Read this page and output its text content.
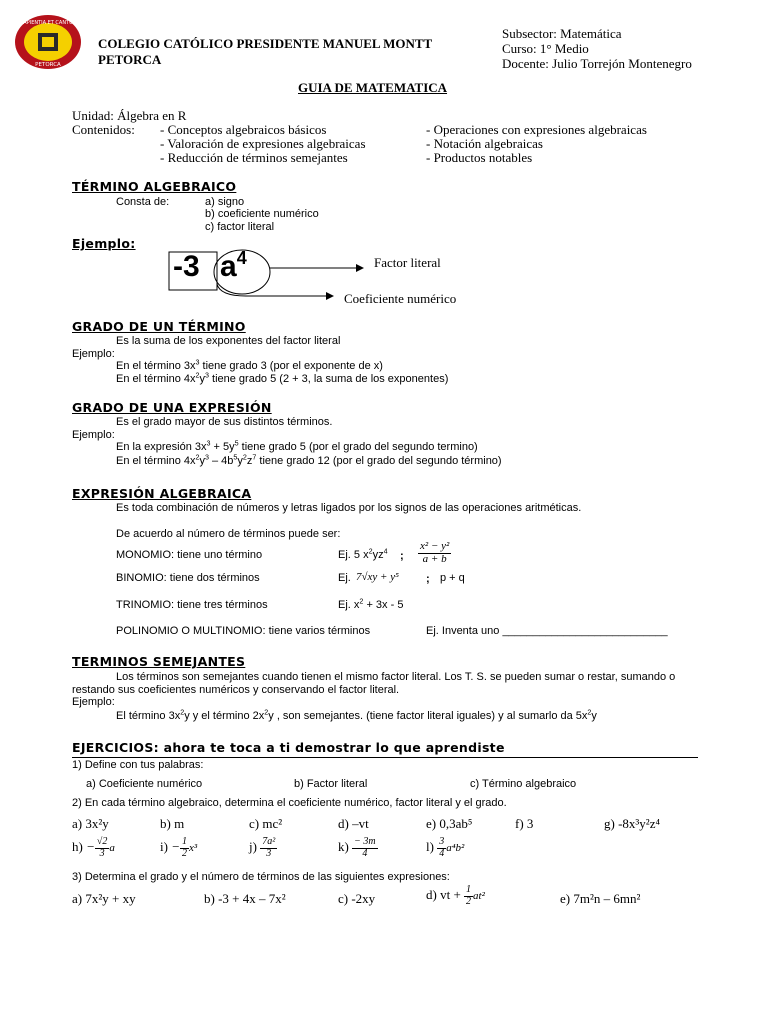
SAPIENTIA ET CANTUS
PETORCA
COLEGIO CATÓLICO PRESIDENTE MANUEL MONTT
PETORCA
Subsector: Matemática
Curso: 1° Medio
Docente: Julio Torrejón Montenegro
GUIA DE MATEMATICA
Unidad: Álgebra en R
Contenidos: - Conceptos algebraicos básicos
- Valoración de expresiones algebraicas
- Reducción de términos semejantes
- Operaciones con expresiones algebraicas
- Notación algebraicas
- Productos notables
TÉRMINO ALGEBRAICO
Consta de:	a) signo
b) coeficiente numérico
c) factor literal
Ejemplo:
-3 $a^4$	Factor literal
Coeficiente numérico
GRADO DE UN TÉRMINO
Es la suma de los exponentes del factor literal
Ejemplo:
En el término $3x^3$ tiene grado 3 (por el exponente de x)
En el término $4x^2y^3$ tiene grado 5 (2 + 3, la suma de los exponentes)
GRADO DE UNA EXPRESIÓN
Es el grado mayor de sus distintos términos.
Ejemplo:
En la expresión $3x^3 + 5y^5$ tiene grado 5 (por el grado del segundo termino)
En el término $4x^2y^3 - 4b^5y^2z^7$ tiene grado 12 (por el grado del segundo término)
EXPRESIÓN ALGEBRAICA
Es toda combinación de números y letras ligados por los signos de las operaciones aritméticas.
De acuerdo al número de términos puede ser:
MONOMIO: tiene uno término	Ej. 5 $x^2yz^4$ ; $\frac{\text{x² − y²}}{a + b}$
BINOMIO: tiene dos términos	Ej. 7√xy + y⁵ ; p + q
TRINOMIO: tiene tres términos	Ej. $x^2 + 3x - 5$
POLINOMIO O MULTINOMIO: tiene varios términos	Ej. Inventa uno ___________________________
TERMINOS SEMEJANTES
Los términos son semejantes cuando tienen el mismo factor literal. Los T. S. se pueden sumar o restar, sumando o
restando sus coeficientes numéricos y conservando el factor literal.
Ejemplo:
El término $3x^2y$ y el término $2x^2y$ , son semejantes. (tiene factor literal iguales) y al sumarlo da $5x^2y$
EJERCICIOS: ahora te toca a ti demostrar lo que aprendiste
1) Define con tus palabras:
a) Coeficiente numérico	b) Factor literal	c) Término algebraico
2) En cada término algebraico, determina el coeficiente numérico, factor literal y el grado.
a) 3x²y	b) m	c) mc²	d) –vt	e) 0,3ab⁵	f) 3	g) -8x³y²z⁴
$h) - \frac{√2}{3}$ a	$i) - \frac{1}{2} x^3$	$j) \frac{\text{7a²}}{3}$	$k) \frac{- 3m}{4}$	$l) \frac{3}{4} a^4b^2$
3) Determina el grado y el número de términos de las siguientes expresiones:
a) 7x²y + xy	b) -3 + 4x – 7x²	c) -2xy	d) vt + $\frac{1}{2} at^2$	e) 7m²n – 6mn²
